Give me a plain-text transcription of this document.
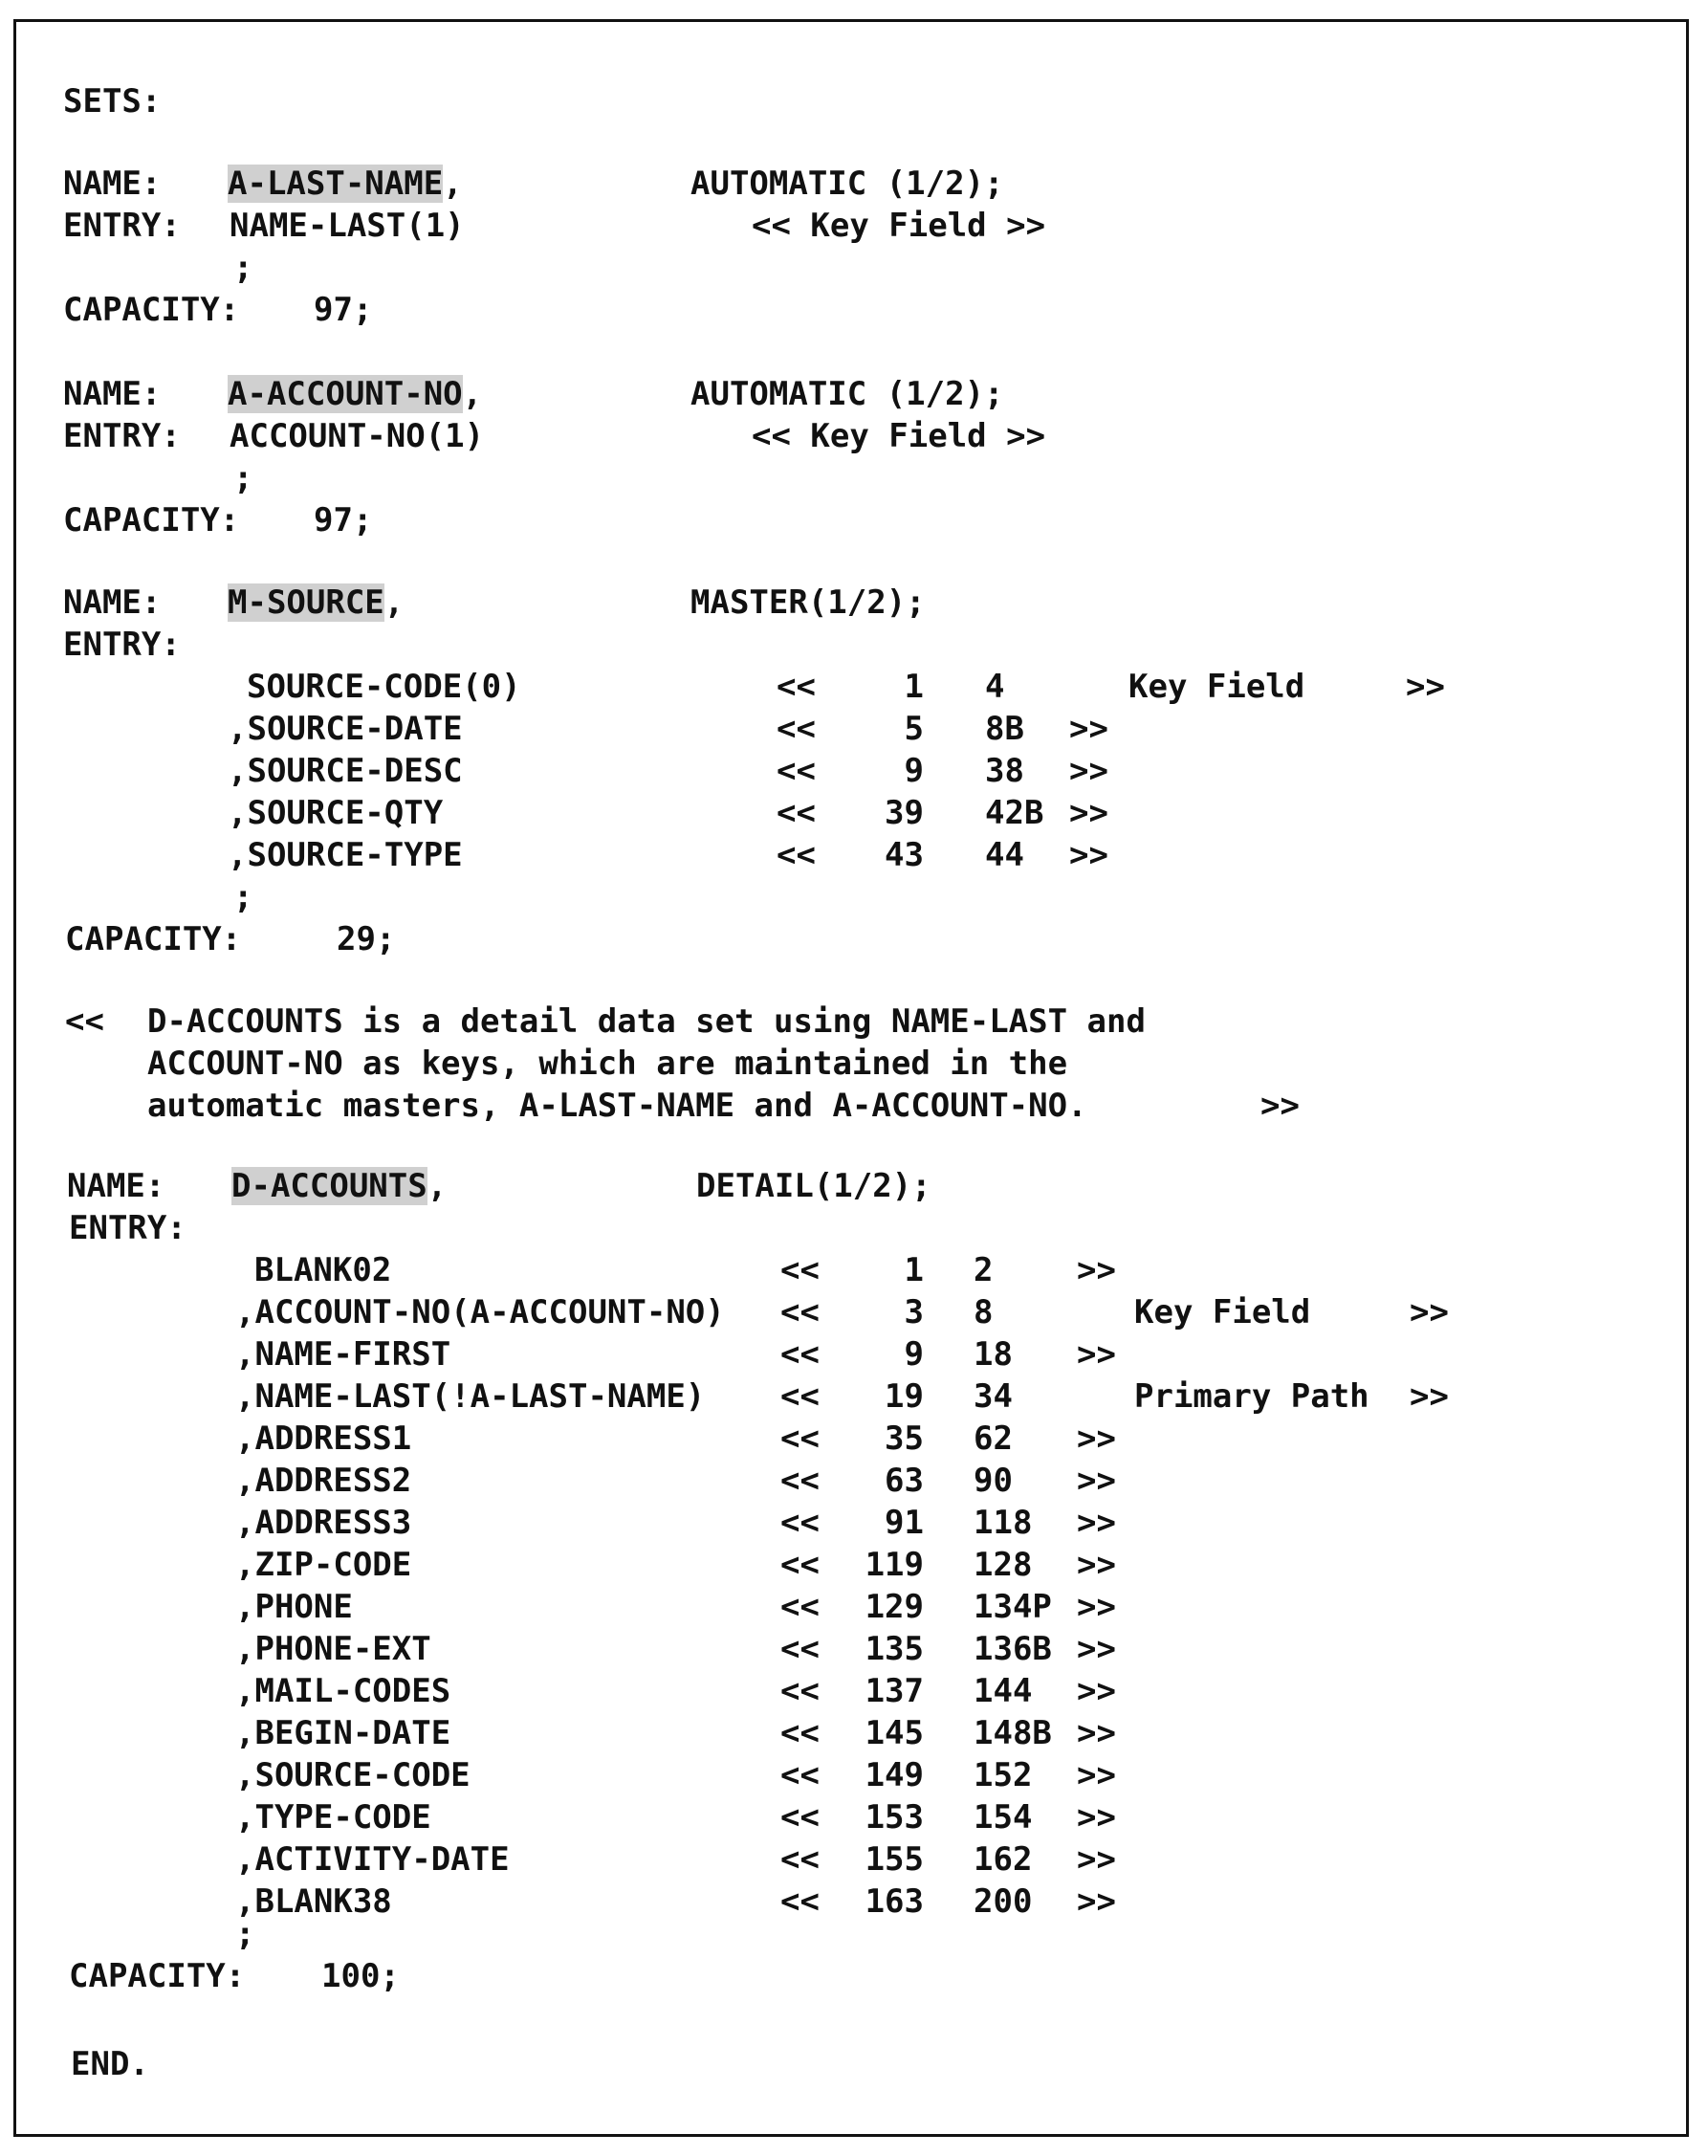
SETS:
NAME: A-LAST-NAME,	AUTOMATIC (1/2);
ENTRY: NAME-LAST(1)	<< Key Field >>
;
CAPACITY: 97;
NAME: A-ACCOUNT-NO,	AUTOMATIC (1/2);
ENTRY: ACCOUNT-NO(1)	<< Key Field >>
;
CAPACITY: 97;
NAME: M-SOURCE,	MASTER(1/2);
ENTRY:
SOURCE-CODE(0)	<<	1 4	Key Field	>>
,SOURCE-DATE	<<	5 8B >>
,SOURCE-DESC	<<	9 38 >>
,SOURCE-QTY	<<	39 42B >>
,SOURCE-TYPE	<<	43 44 >>
;
CAPACITY:	29;
<< D-ACCOUNTS is a detail data set using NAME-LAST and
ACCOUNT-NO as keys, which are maintained in the
automatic masters, A-LAST-NAME and A-ACCOUNT-NO.	>>
NAME: D-ACCOUNTS,	DETAIL(1/2);
ENTRY:
BLANK02	<<	1 2	>>
,ACCOUNT-NO(A-ACCOUNT-NO) <<	3 8	Key Field	>>
,NAME-FIRST	<<	9 18 >>
,NAME-LAST(!A-LAST-NAME) <<	19 34	Primary Path >>
,ADDRESS1	<<	35 62 >>
,ADDRESS2	<<	63 90 >>
,ADDRESS3	<<	91 118 >>
,ZIP-CODE	<<	119 128 >>
,PHONE	<<	129 134P >>
,PHONE-EXT	<<	135 136B >>
,MAIL-CODES	<<	137 144 >>
,BEGIN-DATE	<<	145 148B >>
,SOURCE-CODE	<<	149 152 >>
,TYPE-CODE	<<	153 154 >>
,ACTIVITY-DATE	<<	155 162 >>
,BLANK38	<<	163 200 >>
;
CAPACITY: 100;
END.
